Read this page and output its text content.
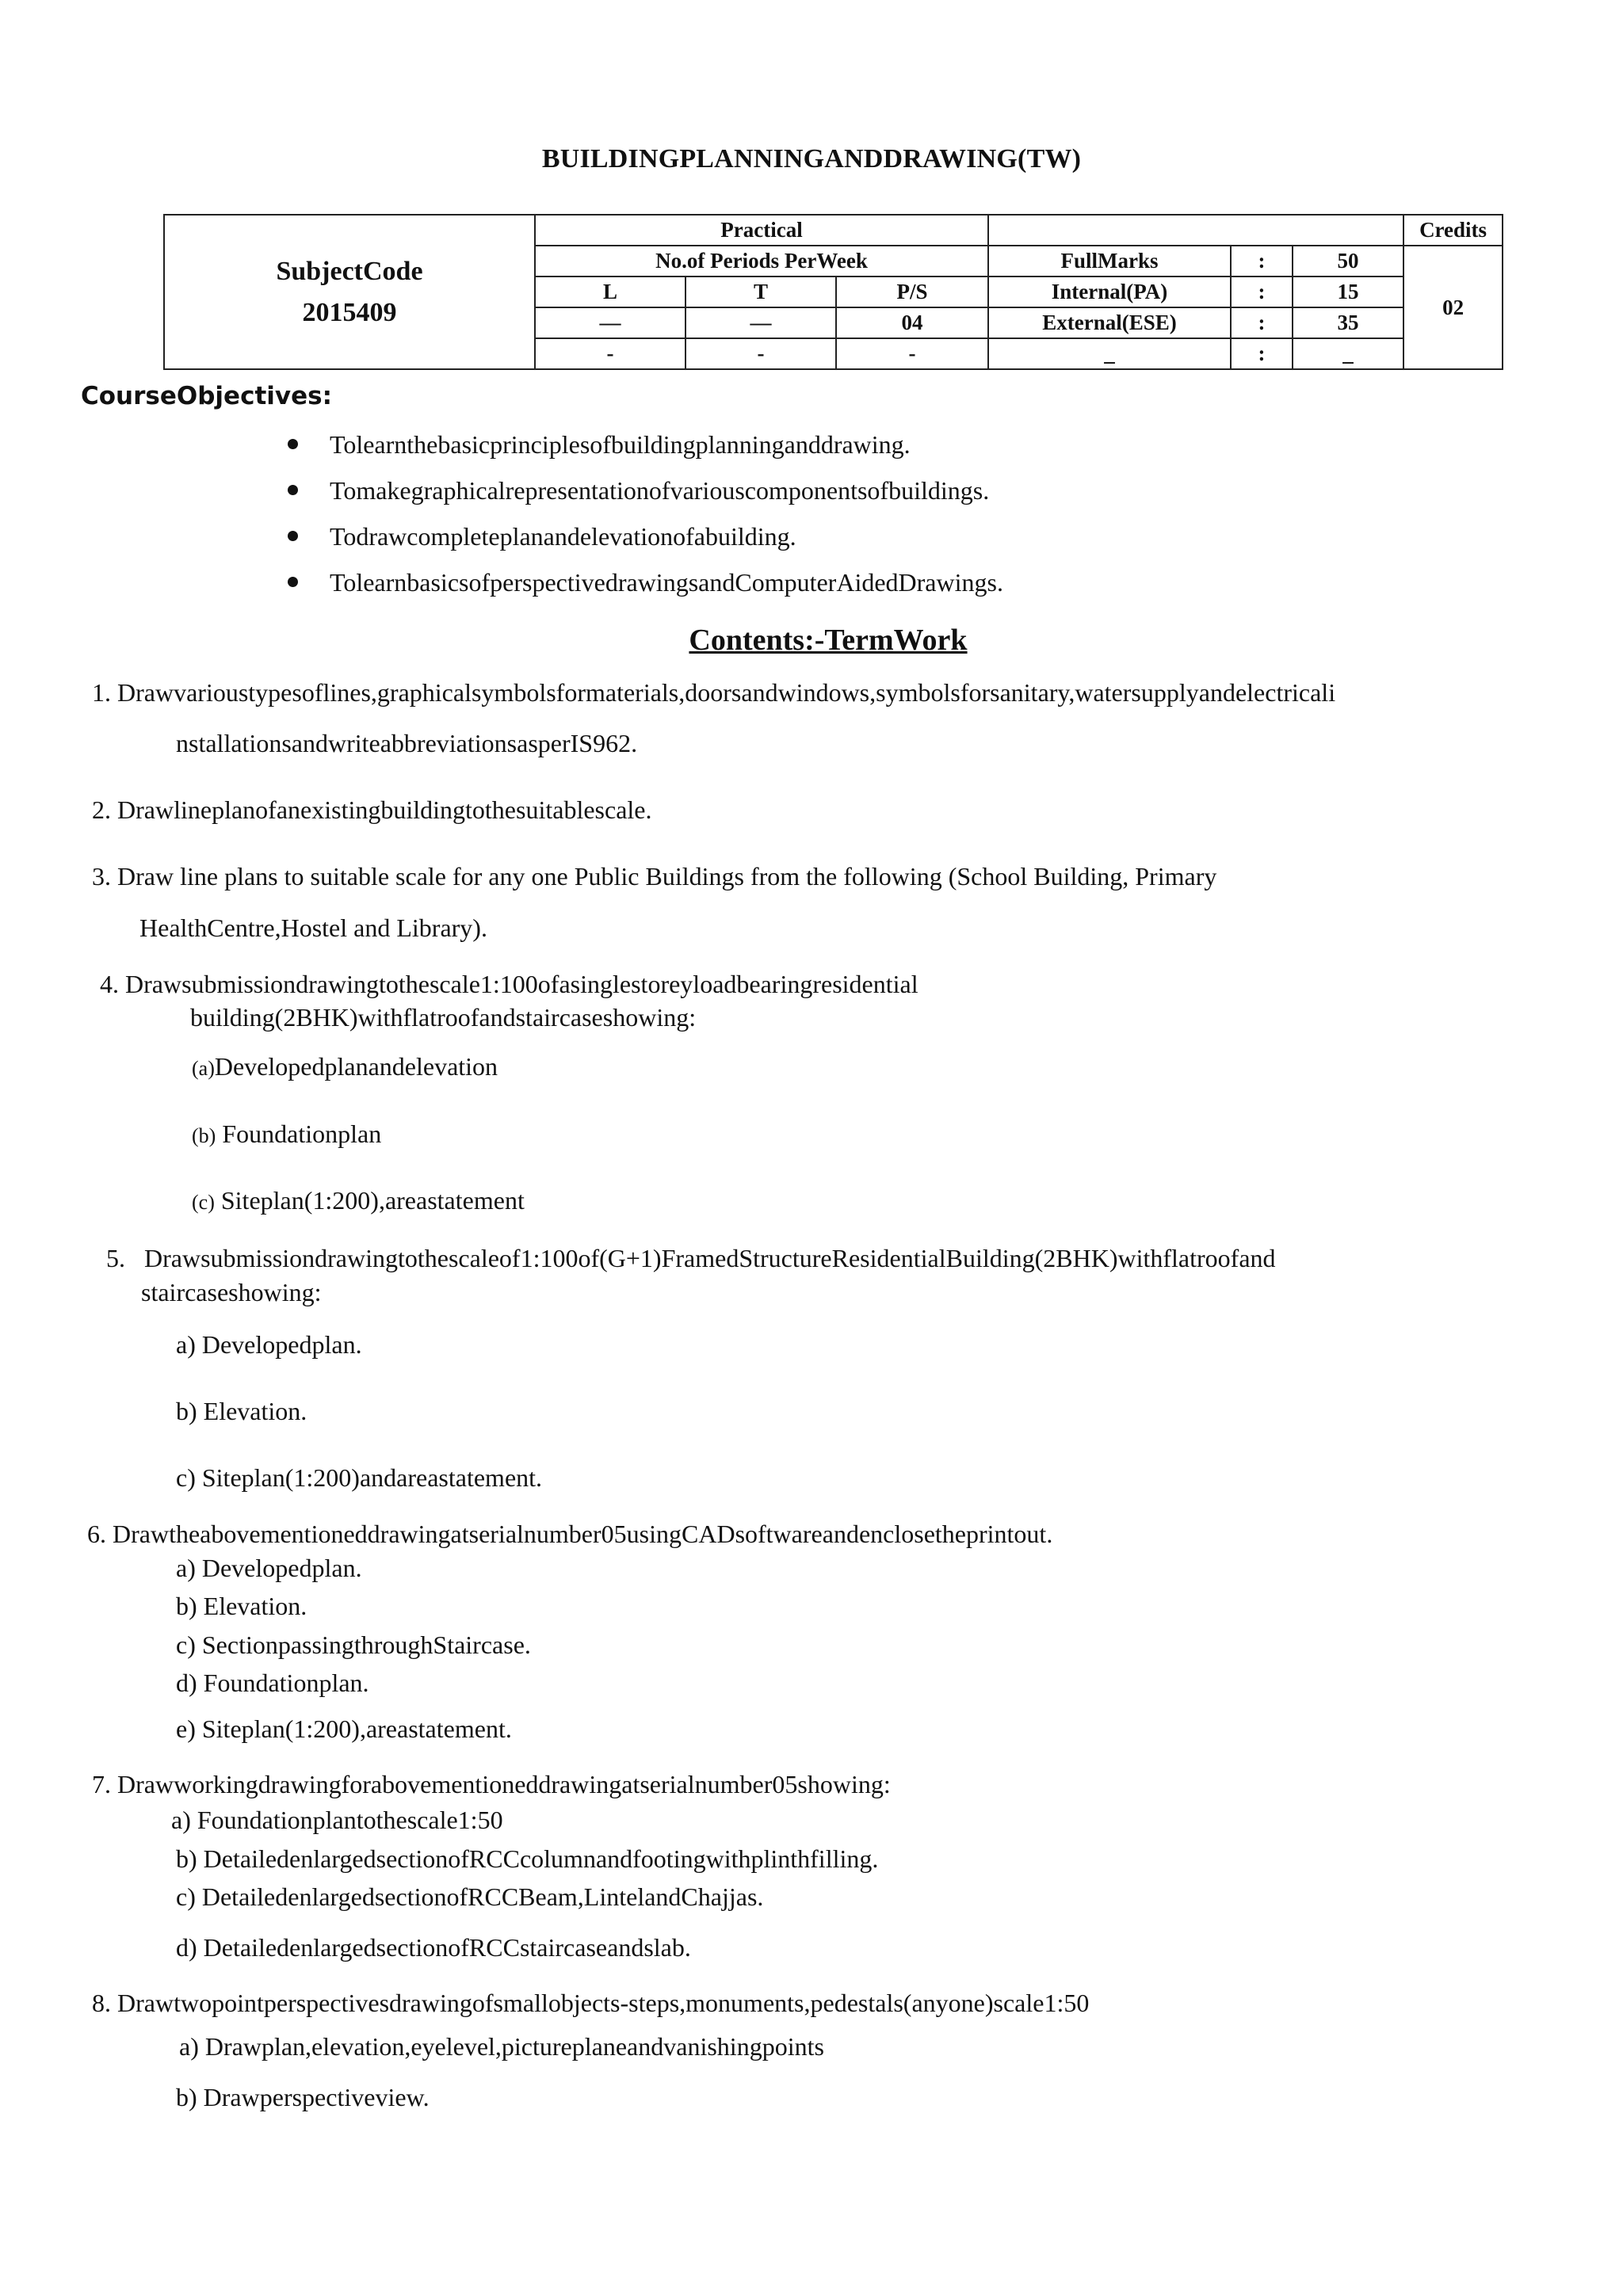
BUILDINGPLANNINGANDDRAWING(TW)
SubjectCode
2015409	Practical						Credits
	No.of Periods PerWeek			FullMarks	:	50	02
	L	T	P/S	Internal(PA)	:	15	
	—	—	04	External(ESE)	:	35	
	-	-	-	_	:	_	
CourseObjectives:
Tolearnthebasicprinciplesofbuildingplanninganddrawing.
Tomakegraphicalrepresentationofvariouscomponentsofbuildings.
Todrawcompleteplanandelevationofabuilding.
TolearnbasicsofperspectivedrawingsandComputerAidedDrawings.
Contents:-TermWork
1. Drawvarioustypesoflines,graphicalsymbolsformaterials,doorsandwindows,symbolsforsanitary,watersupplyandelectricali
nstallationsandwriteabbreviationsasperIS962.
2. Drawlineplanofanexistingbuildingtothesuitablescale.
3. Draw line plans to suitable scale for any one Public Buildings from the following (School Building, Primary
HealthCentre,Hostel and Library).
4. Drawsubmissiondrawingtothescale1:100ofasinglestoreyloadbearingresidential
building(2BHK)withflatroofandstaircaseshowing:
(a)Developedplanandelevation
(b) Foundationplan
(c) Siteplan(1:200),areastatement
5.   Drawsubmissiondrawingtothescaleof1:100of(G+1)FramedStructureResidentialBuilding(2BHK)withflatroofand
staircaseshowing:
a) Developedplan.
b) Elevation.
c) Siteplan(1:200)andareastatement.
6. Drawtheabovementioneddrawingatserialnumber05usingCADsoftwareandenclosetheprintout.
a) Developedplan.
b) Elevation.
c) SectionpassingthroughStaircase.
d) Foundationplan.
e) Siteplan(1:200),areastatement.
7. Drawworkingdrawingforabovementioneddrawingatserialnumber05showing:
a) Foundationplantothescale1:50
b) DetailedenlargedsectionofRCCcolumnandfootingwithplinthfilling.
c) DetailedenlargedsectionofRCCBeam,LintelandChajjas.
d) DetailedenlargedsectionofRCCstaircaseandslab.
8. Drawtwopointperspectivesdrawingofsmallobjects-steps,monuments,pedestals(anyone)scale1:50
a) Drawplan,elevation,eyelevel,pictureplaneandvanishingpoints
b) Drawperspectiveview.
